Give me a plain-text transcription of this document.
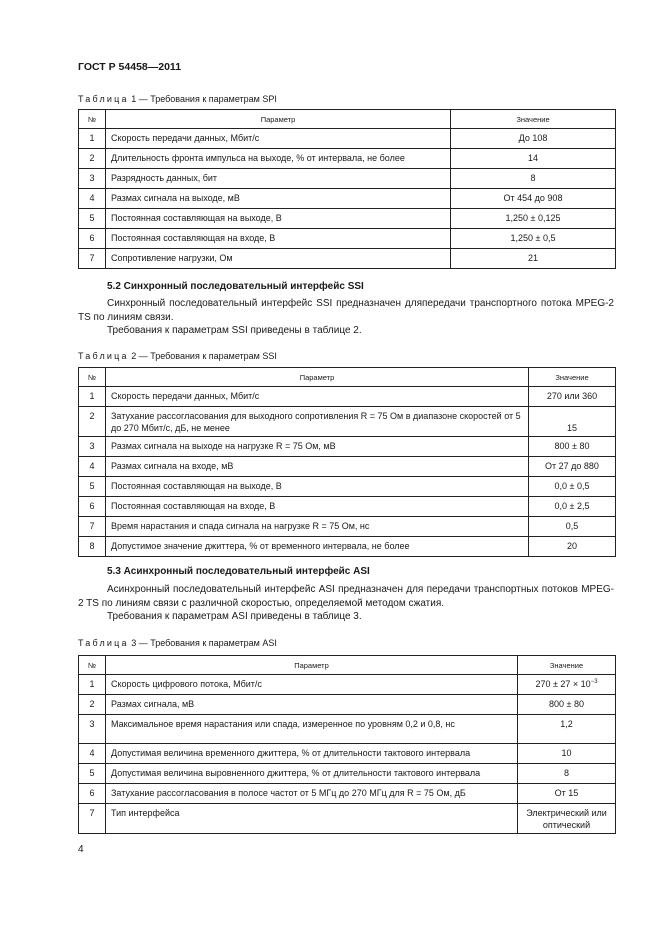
ГОСТ Р 54458—2011
Таблица 1 — Требования к параметрам SPI
№	Параметр	Значение
1	Скорость передачи данных, Мбит/с	До 108
2	Длительность фронта импульса на выходе, % от интервала, не более	14
3	Разрядность данных, бит	8
4	Размах сигнала на выходе, мВ	От 454 до 908
5	Постоянная составляющая на выходе, В	1,250 ± 0,125
6	Постоянная составляющая на входе, В	1,250 ± 0,5
7	Сопротивление нагрузки, Ом	21
5.2 Синхронный последовательный интерфейс SSI

Синхронный последовательный интерфейс SSI предназначен дляпередачи транспортного потока MPEG-2 TS по линиям связи.

Требования к параметрам SSI приведены в таблице 2.

Таблица 2 — Требования к параметрам SSI
№	Параметр	Значение
1	Скорость передачи данных, Мбит/с	270 или 360
2	Затухание рассогласования для выходного сопротивления R = 75 Ом в диапазоне скоростей от 5 до 270 Мбит/с, дБ, не менее	15
3	Размах сигнала на выходе на нагрузке R = 75 Ом, мВ	800 ± 80
4	Размах сигнала на входе, мВ	От 27 до 880
5	Постоянная составляющая на выходе, В	0,0 ± 0,5
6	Постоянная составляющая на входе, В	0,0 ± 2,5
7	Время нарастания и спада сигнала на нагрузке R = 75 Ом, нс	0,5
8	Допустимое значение джиттера, % от временного интервала, не более	20
5.3 Асинхронный последовательный интерфейс ASI

Асинхронный последовательный интерфейс ASI предназначен для передачи транспортных потоков MPEG-2 TS по линиям связи с различной скоростью, определяемой методом сжатия.

Требования к параметрам ASI приведены в таблице 3.

Таблица 3 — Требования к параметрам ASI
№	Параметр	Значение
1	Скорость цифрового потока, Мбит/с	$270 \pm 27 \times 10^{-3}$
2	Размах сигнала, мВ	800 ± 80
3	Максимальное время нарастания или спада, измеренное по уровням 0,2 и 0,8, нс	1,2
4	Допустимая величина временного джиттера, % от длительности тактового интервала	10
5	Допустимая величина выровненного джиттера, % от длительности тактового интервала	8
6	Затухание рассогласования в полосе частот от 5 МГц до 270 МГц для R = 75 Ом, дБ	От 15
7	Тип интерфейса	Электрический или оптический
4
